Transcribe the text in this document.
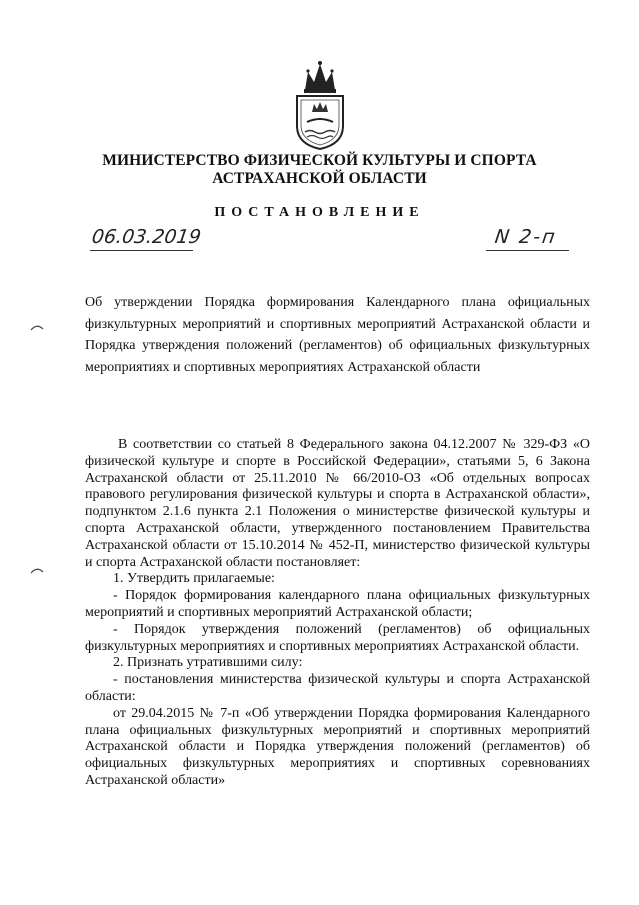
МИНИСТЕРСТВО ФИЗИЧЕСКОЙ КУЛЬТУРЫ И СПОРТА
АСТРАХАНСКОЙ ОБЛАСТИ
ПОСТАНОВЛЕНИЕ
06.03.2019	N 2-п
Об утверждении Порядка формирования Календарного плана официальных физкультурных мероприятий и спортивных мероприятий Астраханской области и Порядка утверждения положений (регламентов) об официальных физкультурных мероприятиях и спортивных мероприятиях Астраханской области

В соответствии со статьей 8 Федерального закона 04.12.2007 № 329-ФЗ «О физической культуре и спорте в Российской Федерации», статьями 5, 6 Закона Астраханской области от 25.11.2010 № 66/2010-ОЗ «Об отдельных вопросах правового регулирования физической культуры и спорта в Астраханской области», подпунктом 2.1.6 пункта 2.1 Положения о министерстве физической культуры и спорта Астраханской области, утвержденного постановлением Правительства Астраханской области от 15.10.2014 № 452-П, министерство физической культуры и спорта Астраханской области постановляет:

1. Утвердить прилагаемые:

- Порядок формирования календарного плана официальных физкультурных мероприятий и спортивных мероприятий Астраханской области;

- Порядок утверждения положений (регламентов) об официальных физкультурных мероприятиях и спортивных мероприятиях Астраханской области.

2. Признать утратившими силу:

- постановления министерства физической культуры и спорта Астраханской области:

от 29.04.2015 № 7-п «Об утверждении Порядка формирования Календарного плана официальных физкультурных мероприятий и спортивных мероприятий Астраханской области и Порядка утверждения положений (регламентов) об официальных физкультурных мероприятиях и спортивных соревнованиях Астраханской области»
